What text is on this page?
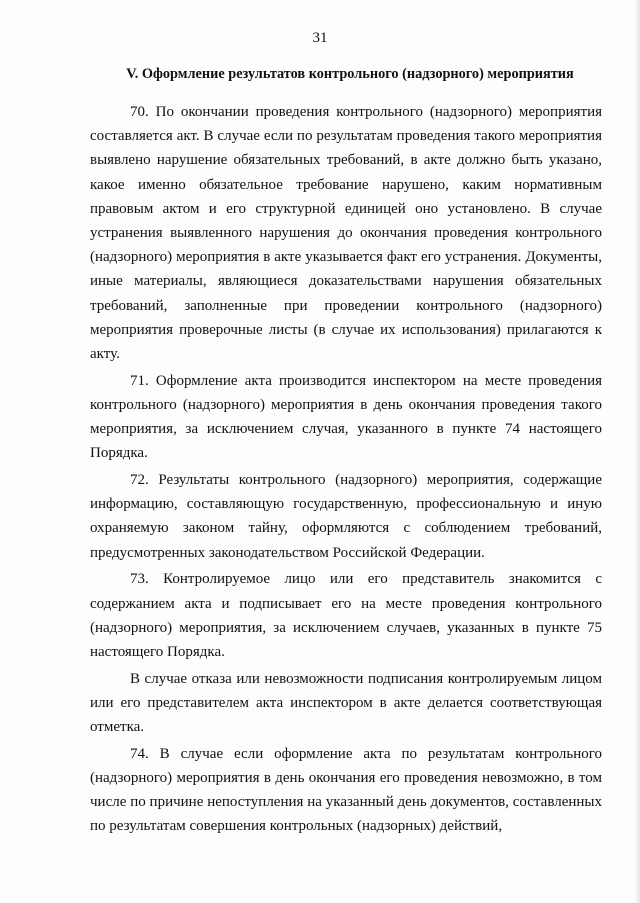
31
V. Оформление результатов контрольного (надзорного) мероприятия

70. По окончании проведения контрольного (надзорного) мероприятия составляется акт. В случае если по результатам проведения такого мероприятия выявлено нарушение обязательных требований, в акте должно быть указано, какое именно обязательное требование нарушено, каким нормативным правовым актом и его структурной единицей оно установлено. В случае устранения выявленного нарушения до окончания проведения контрольного (надзорного) мероприятия в акте указывается факт его устранения. Документы, иные материалы, являющиеся доказательствами нарушения обязательных требований, заполненные при проведении контрольного (надзорного) мероприятия проверочные листы (в случае их использования) прилагаются к акту.

71. Оформление акта производится инспектором на месте проведения контрольного (надзорного) мероприятия в день окончания проведения такого мероприятия, за исключением случая, указанного в пункте 74 настоящего Порядка.

72. Результаты контрольного (надзорного) мероприятия, содержащие информацию, составляющую государственную, профессиональную и иную охраняемую законом тайну, оформляются с соблюдением требований, предусмотренных законодательством Российской Федерации.

73. Контролируемое лицо или его представитель знакомится с содержанием акта и подписывает его на месте проведения контрольного (надзорного) мероприятия, за исключением случаев, указанных в пункте 75 настоящего Порядка.

В случае отказа или невозможности подписания контролируемым лицом или его представителем акта инспектором в акте делается соответствующая отметка.

74. В случае если оформление акта по результатам контрольного (надзорного) мероприятия в день окончания его проведения невозможно, в том числе по причине непоступления на указанный день документов, составленных по результатам совершения контрольных (надзорных) действий,
